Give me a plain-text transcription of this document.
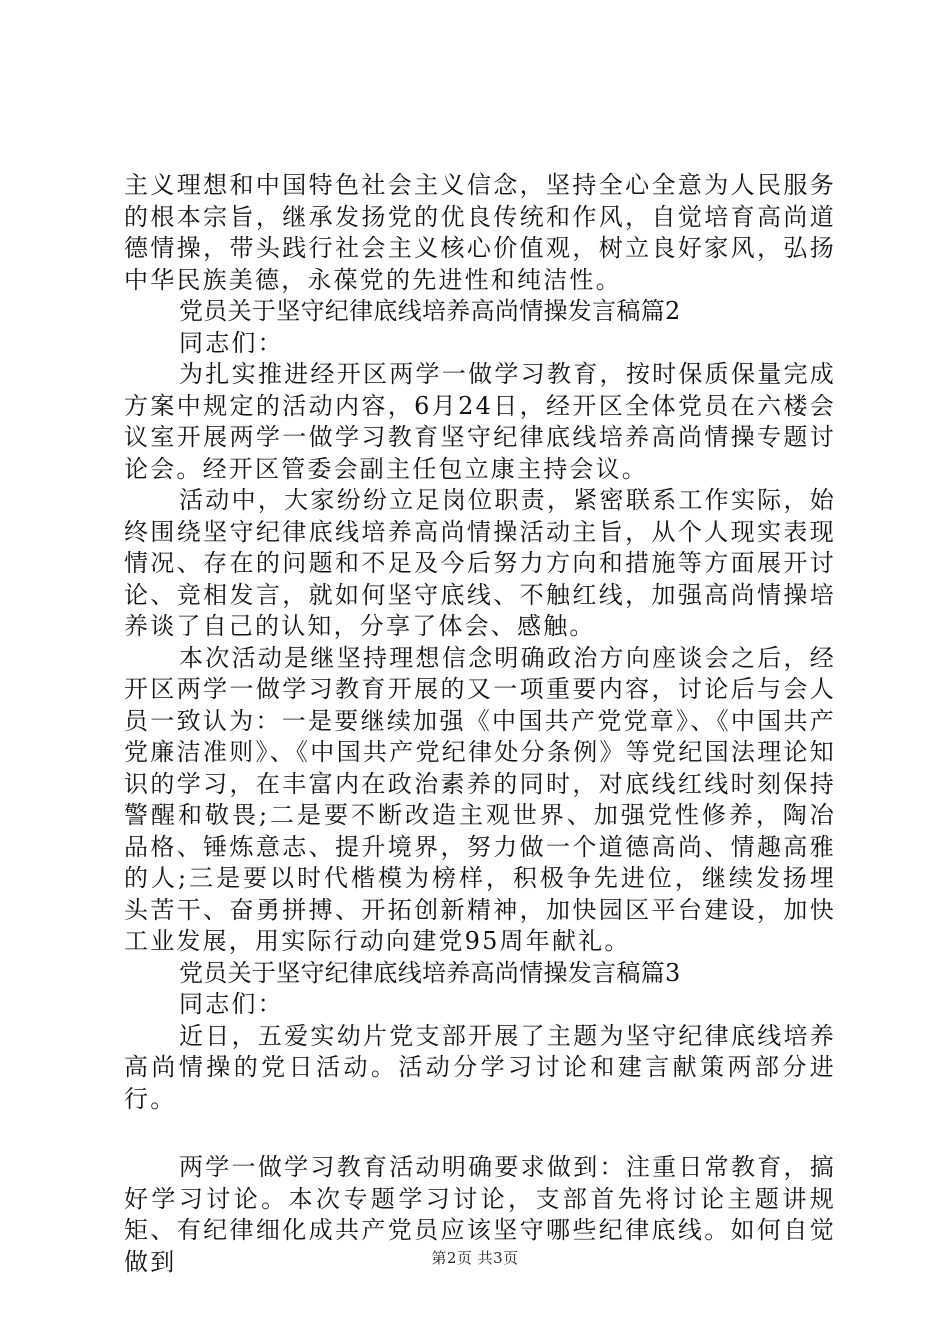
主义理想和中国特色社会主义信念，坚持全心全意为人民服务的根本宗旨，继承发扬党的优良传统和作风，自觉培育高尚道德情操，带头践行社会主义核心价值观，树立良好家风，弘扬中华民族美德，永葆党的先进性和纯洁性。

党员关于坚守纪律底线培养高尚情操发言稿篇2

同志们：

为扎实推进经开区两学一做学习教育，按时保质保量完成方案中规定的活动内容，6月24日，经开区全体党员在六楼会议室开展两学一做学习教育坚守纪律底线培养高尚情操专题讨论会。经开区管委会副主任包立康主持会议。

活动中，大家纷纷立足岗位职责，紧密联系工作实际，始终围绕坚守纪律底线培养高尚情操活动主旨，从个人现实表现情况、存在的问题和不足及今后努力方向和措施等方面展开讨论、竞相发言，就如何坚守底线、不触红线，加强高尚情操培养谈了自己的认知，分享了体会、感触。

本次活动是继坚持理想信念明确政治方向座谈会之后，经开区两学一做学习教育开展的又一项重要内容，讨论后与会人员一致认为：一是要继续加强《中国共产党党章》、《中国共产党廉洁准则》、《中国共产党纪律处分条例》等党纪国法理论知识的学习，在丰富内在政治素养的同时，对底线红线时刻保持警醒和敬畏;二是要不断改造主观世界、加强党性修养，陶冶品格、锤炼意志、提升境界，努力做一个道德高尚、情趣高雅的人;三是要以时代楷模为榜样，积极争先进位，继续发扬埋头苦干、奋勇拼搏、开拓创新精神，加快园区平台建设，加快工业发展，用实际行动向建党95周年献礼。

党员关于坚守纪律底线培养高尚情操发言稿篇3

同志们：

近日，五爱实幼片党支部开展了主题为坚守纪律底线培养高尚情操的党日活动。活动分学习讨论和建言献策两部分进行。

两学一做学习教育活动明确要求做到：注重日常教育，搞好学习讨论。本次专题学习讨论，支部首先将讨论主题讲规矩、有纪律细化成共产党员应该坚守哪些纪律底线。如何自觉做到	第2页 共3页
